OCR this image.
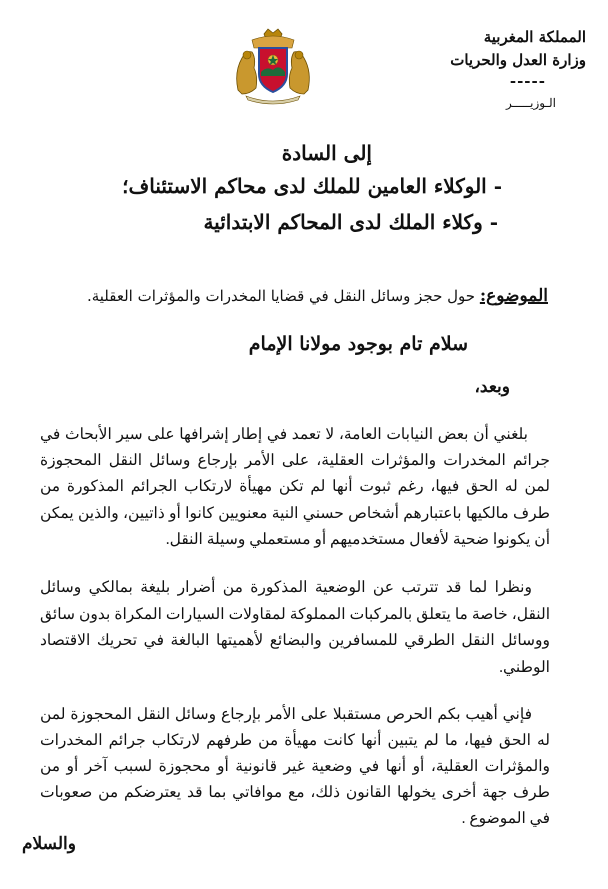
المملكة المغربية
وزارة العدل والحريات
-----
الـوزيـــــر
إلى السادة
- الوكلاء العامين للملك لدى محاكم الاستئناف؛
- وكلاء الملك لدى المحاكم الابتدائية
الموضوع: حول حجز وسائل النقل في قضايا المخدرات والمؤثرات العقلية.
سلام تام بوجود مولانا الإمام
وبعد،

بلغني أن بعض النيابات العامة، لا تعمد في إطار إشرافها على سير الأبحاث في جرائم المخدرات والمؤثرات العقلية، على الأمر بإرجاع وسائل النقل المحجوزة لمن له الحق فيها، رغم ثبوت أنها لم تكن مهيأة لارتكاب الجرائم المذكورة من طرف مالكيها باعتبارهم أشخاص حسني النية معنويين كانوا أو ذاتيين، والذين يمكن أن يكونوا ضحية لأفعال مستخدميهم أو مستعملي وسيلة النقل.

ونظرا لما قد تترتب عن الوضعية المذكورة من أضرار بليغة بمالكي وسائل النقل، خاصة ما يتعلق بالمركبات المملوكة لمقاولات السيارات المكراة بدون سائق ووسائل النقل الطرقي للمسافرين والبضائع لأهميتها البالغة في تحريك الاقتصاد الوطني.

فإني أهيب بكم الحرص مستقبلا على الأمر بإرجاع وسائل النقل المحجوزة لمن له الحق فيها، ما لم يتبين أنها كانت مهيأة من طرفهم لارتكاب جرائم المخدرات والمؤثرات العقلية، أو أنها في وضعية غير قانونية أو محجوزة لسبب آخر أو من طرف جهة أخرى يخولها القانون ذلك، مع موافاتي بما قد يعترضكم من صعوبات في الموضوع .

والسلام
